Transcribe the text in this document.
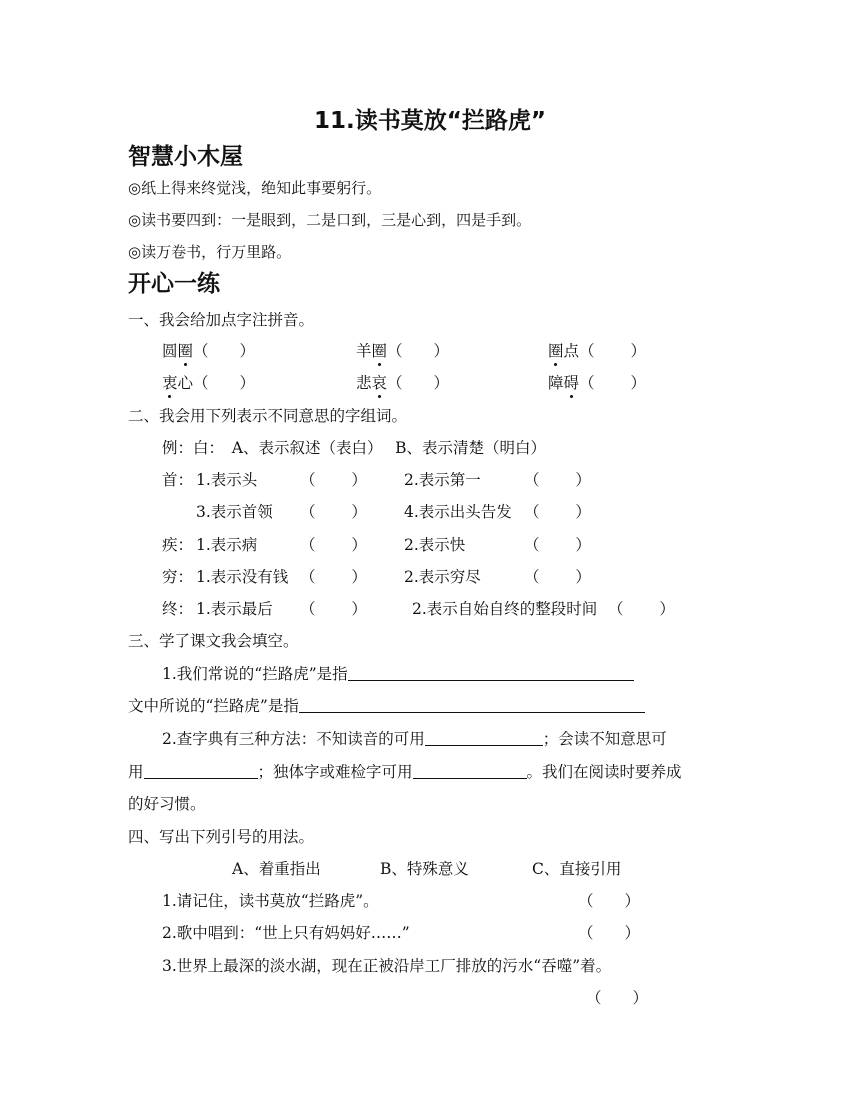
11.读书莫放“拦路虎”
智慧小木屋
◎纸上得来终觉浅，绝知此事要躬行。
◎读书要四到：一是眼到，二是口到，三是心到，四是手到。
◎读万卷书，行万里路。
开心一练
一、我会给加点字注拼音。
圆圈（　　）	羊圈（　　）	圈点（　　 ）
衷心（　　）	悲哀（　　）	障碍（　　 ）
二、我会用下列表示不同意思的字组词。
例：白：　A、表示叙述（表白）　 B、表示清楚（明白）
首： 1.表示头	（　　 ） 2.表示第一	（　　 ）
3.表示首领 （　　 ） 4.表示出头告发 （　　 ）
疾： 1.表示病	（　　 ） 2.表示快	（　　 ）
穷： 1.表示没有钱 （　　 ） 2.表示穷尽	（　　 ）
终： 1.表示最后 （　　 ）	2.表示自始自终的整段时间 （　　 ）
三、学了课文我会填空。
1.我们常说的“拦路虎”是指
文中所说的“拦路虎”是指
2.查字典有三种方法：不知读音的可用	；会读不知意思可
用	；独体字或难检字可用	。我们在阅读时要养成
的好习惯。
四、写出下列引号的用法。
A、着重指出	B、特殊意义	C、直接引用
1.请记住，读书莫放“拦路虎”。	（　　）
2.歌中唱到：“世上只有妈妈好……”	（　　）
3.世界上最深的淡水湖，现在正被沿岸工厂排放的污水“吞噬”着。
（　　）
